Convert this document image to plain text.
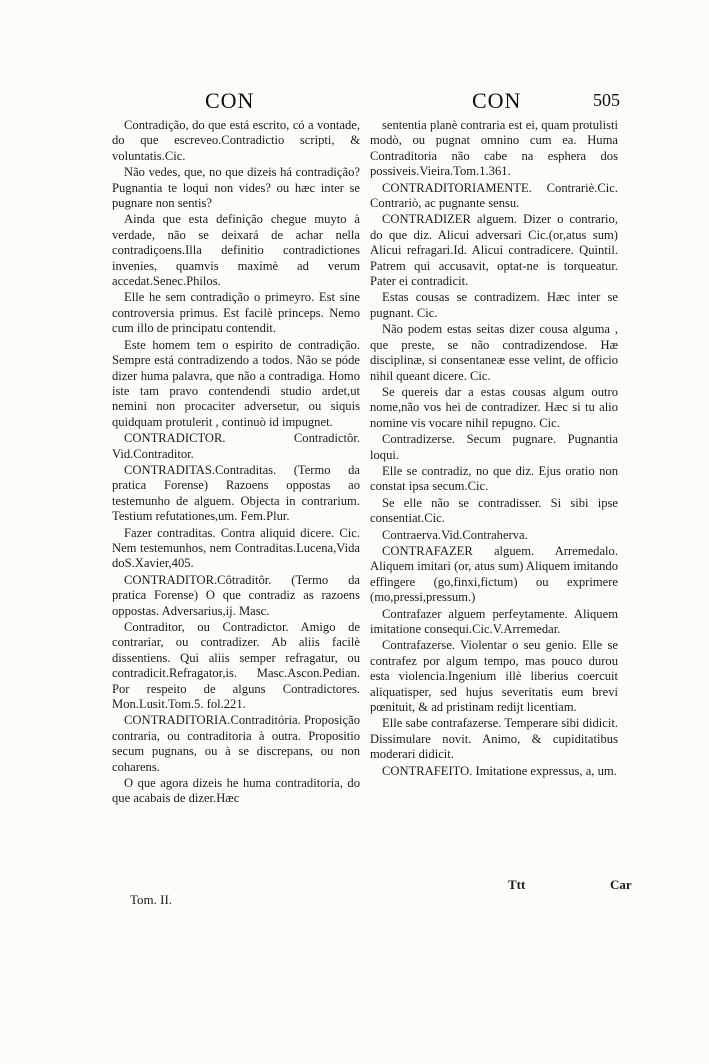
CON	CON	505

Contradição, do que está escrito, có a vontade, do que escreveo.Contradictio scripti, & voluntatis.Cic.

Não vedes, que, no que dizeis há contradição? Pugnantia te loqui non vides? ou hæc inter se pugnare non sentis?

Ainda que esta definição chegue muyto à verdade, não se deixará de achar nella contradiçoens.Illa definitio contradictiones invenies, quamvis maximè ad verum accedat.Senec.Philos.

Elle he sem contradição o primeyro. Est sine controversia primus. Est facilè princeps. Nemo cum illo de principatu contendit.

Este homem tem o espirito de contradição. Sempre está contradizendo a todos. Não se póde dizer huma palavra, que não a contradiga. Homo iste tam pravo contendendi studio ardet,ut nemini non procaciter adversetur, ou siquis quidquam protulerit , continuò id impugnet.

CONTRADICTOR. Contradictôr. Vid.Contraditor.

CONTRADITAS.Contraditas. (Termo da pratica Forense) Razoens oppostas ao testemunho de alguem. Objecta in contrarium. Testium refutationes,um. Fem.Plur.

Fazer contraditas. Contra aliquid dicere. Cic. Nem testemunhos, nem Contraditas.Lucena,Vida doS.Xavier,405.

CONTRADITOR.Côtraditôr. (Termo da pratica Forense) O que contradiz as razoens oppostas. Adversarius,ij. Masc.

Contraditor, ou Contradictor. Amigo de contrariar, ou contradizer. Ab aliis facilè dissentiens. Qui aliis semper refragatur, ou contradicit.Refragator,is. Masc.Ascon.Pedian. Por respeito de alguns Contradictores. Mon.Lusit.Tom.5. fol.221.

CONTRADITORIA.Contraditória. Proposição contraria, ou contraditoria à outra. Propositio secum pugnans, ou à se discrepans, ou non coharens.

O que agora dizeis he huma contraditoria, do que acabais de dizer.Hæc

sententia planè contraria est ei, quam protulisti modò, ou pugnat omnino cum ea. Huma Contraditoria não cabe na esphera dos possiveis.Vieira.Tom.1.361.

CONTRADITORIAMENTE. Contrariè.Cic. Contrariò, ac pugnante sensu.

CONTRADIZER alguem. Dizer o contrario, do que diz. Alicui adversari Cic.(or,atus sum) Alicui refragari.Id. Alicui contradicere. Quintil. Patrem qui accusavit, optat-ne is torqueatur. Pater ei contradicit.

Estas cousas se contradizem. Hæc inter se pugnant. Cic.

Não podem estas seitas dizer cousa alguma , que preste, se não contradizendose. Hæ disciplinæ, si consentaneæ esse velint, de officio nihil queant dicere. Cic.

Se quereis dar a estas cousas algum outro nome,não vos hei de contradizer. Hæc si tu alio nomine vis vocare nihil repugno. Cic.

Contradizerse. Secum pugnare. Pugnantia loqui.

Elle se contradiz, no que diz. Ejus oratio non constat ipsa secum.Cic.

Se elle não se contradisser. Si sibi ipse consentiat.Cic.

Contraerva.Vid.Contraherva.

CONTRAFAZER alguem. Arremedalo. Aliquem imitari (or, atus sum) Aliquem imitando effingere (go,finxi,fictum) ou exprimere (mo,pressi,pressum.)

Contrafazer alguem perfeytamente. Aliquem imitatione consequi.Cic.V.Arremedar.

Contrafazerse. Violentar o seu genio. Elle se contrafez por algum tempo, mas pouco durou esta violencia.Ingenium illè liberius coercuit aliquatisper, sed hujus severitatis eum brevi pœnituit, & ad pristinam redijt licentiam.

Elle sabe contrafazerse. Temperare sibi didicit. Dissimulare novit. Animo, & cupiditatibus moderari didicit.

CONTRAFEITO. Imitatione expressus, a, um.

Tom. II.
Ttt	Car
